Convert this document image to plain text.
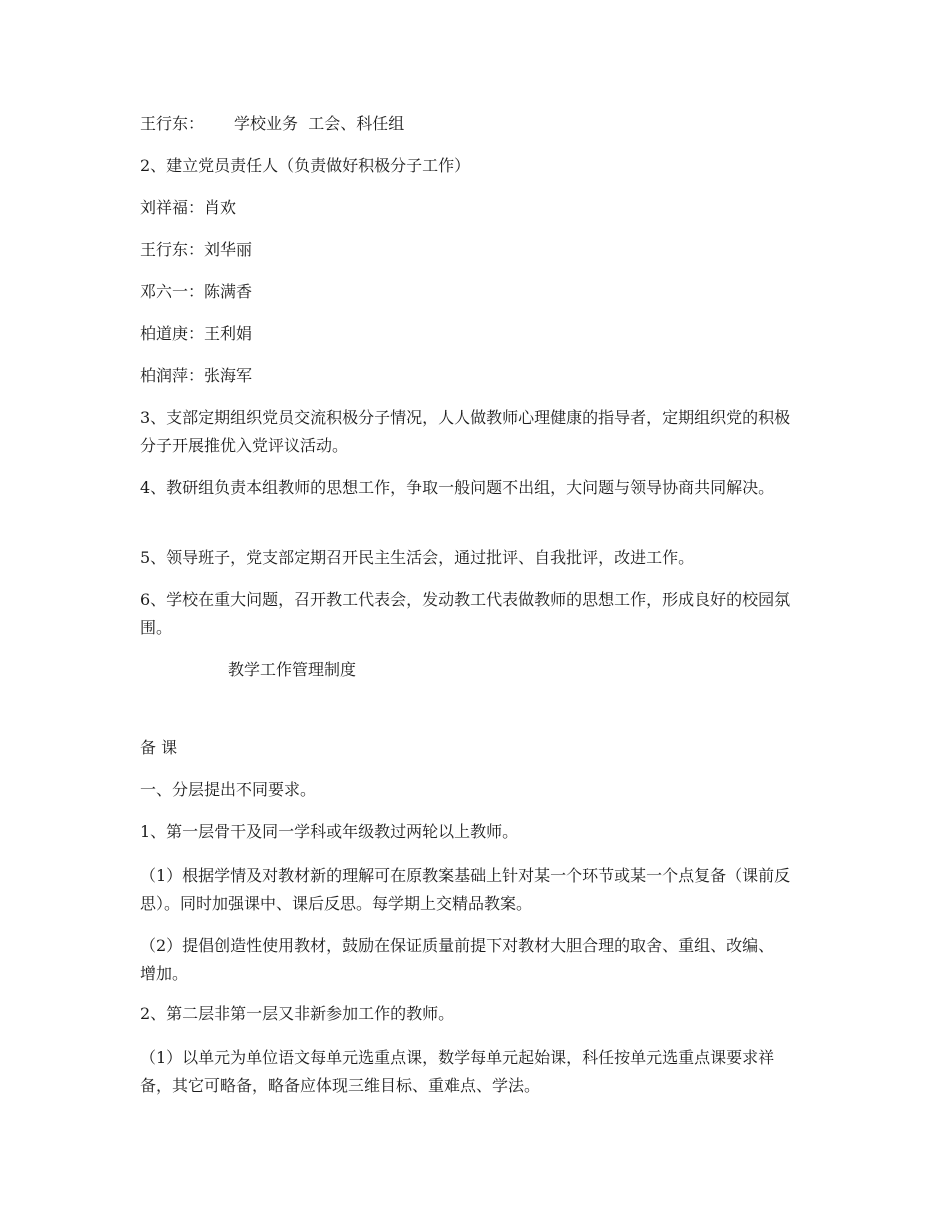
王行东： 学校业务  工会、科任组
2、建立党员责任人（负责做好积极分子工作）
刘祥福：肖欢
王行东：刘华丽
邓六一：陈满香
柏道庚：王利娟
柏润萍：张海军
3、支部定期组织党员交流积极分子情况，人人做教师心理健康的指导者，定期组织党的积极分子开展推优入党评议活动。
4、教研组负责本组教师的思想工作，争取一般问题不出组，大问题与领导协商共同解决。
5、领导班子，党支部定期召开民主生活会，通过批评、自我批评，改进工作。
6、学校在重大问题，召开教工代表会，发动教工代表做教师的思想工作，形成良好的校园氛围。
教学工作管理制度
备 课
一、分层提出不同要求。
1、第一层骨干及同一学科或年级教过两轮以上教师。
（1）根据学情及对教材新的理解可在原教案基础上针对某一个环节或某一个点复备（课前反思）。同时加强课中、课后反思。每学期上交精品教案。
（2）提倡创造性使用教材，鼓励在保证质量前提下对教材大胆合理的取舍、重组、改编、增加。
2、第二层非第一层又非新参加工作的教师。
（1）以单元为单位语文每单元选重点课，数学每单元起始课，科任按单元选重点课要求祥备，其它可略备，略备应体现三维目标、重难点、学法。
